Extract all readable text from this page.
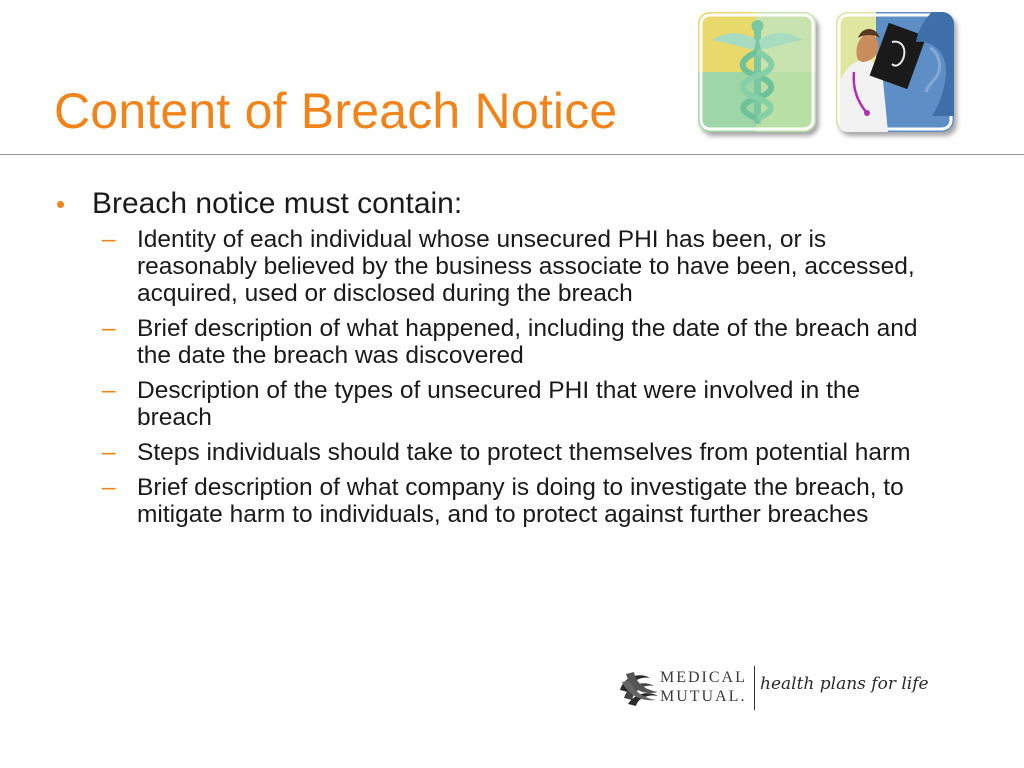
Content of Breach Notice
• Breach notice must contain:
– Identity of each individual whose unsecured PHI has been, or is reasonably believed by the business associate to have been, accessed, acquired, used or disclosed during the breach
– Brief description of what happened, including the date of the breach and the date the breach was discovered
– Description of the types of unsecured PHI that were involved in the breach
– Steps individuals should take to protect themselves from potential harm
– Brief description of what company is doing to investigate the breach, to mitigate harm to individuals, and to protect against further breaches
MEDICAL
MUTUAL.
health plans for life
